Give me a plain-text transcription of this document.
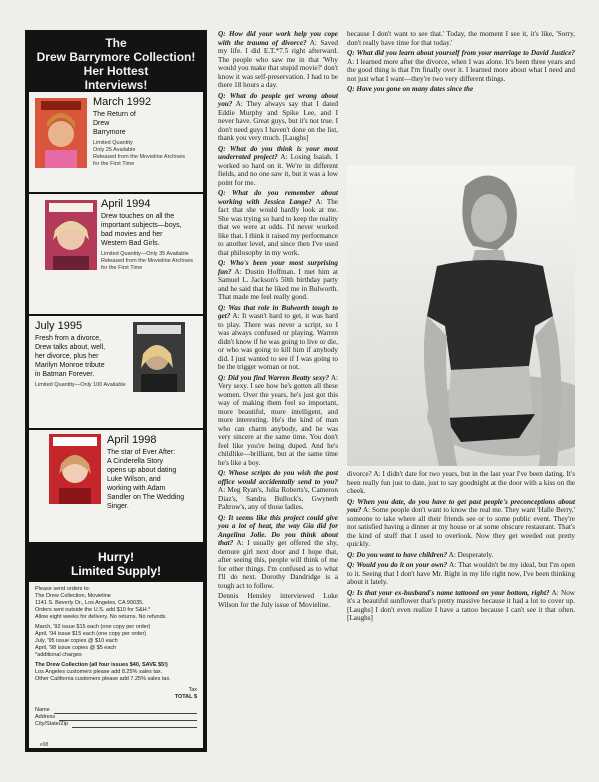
The
Drew Barrymore Collection!
Her Hottest
Interviews!
March 1992
The Return of
Drew
Barrymore
Limited Quantity
Only 25 Available
Released from the Movieline Archives
for the First Time
April 1994
Drew touches on all the
important subjects—boys,
bad movies and her
Western Bad Girls.
Limited Quantity—Only 35 Available
Released from the Movieline Archives
for the First Time
July 1995
Fresh from a divorce,
Drew talks about, well,
her divorce, plus her
Marilyn Monroe tribute
in Batman Forever.
Limited Quantity—Only 100 Available
April 1998
The star of Ever After:
A Cinderella Story
opens up about dating
Luke Wilson, and
working with Adam
Sandler on The Wedding Singer.
Hurry!
Limited Supply!
Please send orders to:
The Drew Collection, Movieline
1141 S. Beverly Dr., Los Angeles, CA 90035.
Orders sent outside the U.S. add $10 for S&H.*
Allow eight weeks for delivery. No returns. No refunds.
March, '92 issue $15 each (one copy per order)
April, '94 issue $15 each (one copy per order)
July, '95 issue copies @ $10 each
April, '98 issue copies @ $5 each
*additional charges
The Drew Collection (all four issues $40, SAVE $5!)
Los Angeles customers please add 8.25% sales tax.
Other California customers please add 7.25% sales tax.
Tax
TOTAL $
Name
Address
City/State/Zip

Q: How did your work help you cope with the trauma of divorce? A: Saved my life. I did E.T.*7.5 right afterward. The people who saw me in that 'Why would you make that stupid movie?' don't know it was self-preservation. I had to be there 18 hours a day.

Q: What do people get wrong about you? A: They always say that I dated Eddie Murphy and Spike Lee, and I never have. Great guys, but it's not true. I don't need guys I haven't done on the list, thank you very much. [Laughs]

Q: What do you think is your most underrated project? A: Losing Isaiah. I worked so hard on it. We're in different fields, and no one saw it, but it was a low point for me.

Q: What do you remember about working with Jessica Lange? A: The fact that she would hardly look at me. She was trying so hard to keep the reality that we were at odds. I'd never worked like that. I think it raised my performance to another level, and since then I've used that philosophy in my work.

Q: Who's been your most surprising fan? A: Dustin Hoffman. I met him at Samuel L. Jackson's 50th birthday party and he said that he liked me in Bulworth. That made me feel really good.

Q: Was that role in Bulworth tough to get? A: It wasn't hard to get, it was hard to play. There was never a script, so I was always confused or playing. Warren didn't know if he was going to live or die, or who was going to kill him if anybody did. I just wanted to see if I was going to be the trigger woman or not.

Q: Did you find Warren Beatty sexy? A: Very sexy. I see how he's gotten all these women. Over the years, he's just got this way of making them feel so important, more beautiful, more intelligent, and more interesting. He's the kind of man who can charm anybody, and he was very sincere at the same time. You don't feel like you're being duped. And he's childlike—brilliant, but at the same time he's like a boy.

Q: Whose scripts do you wish the post office would accidentally send to you? A: Meg Ryan's, Julia Roberts's, Cameron Diaz's, Sandra Bullock's, Gwyneth Paltrow's, any of those ladies.

Q: It seems like this project could give you a lot of heat, the way Gia did for Angelina Jolie. Do you think about that? A: I usually get offered the shy, demure girl next door and I hope that, after seeing this, people will think of me for other things. I'm confused as to what I'll do next. Dorothy Dandridge is a tough act to follow.

Dennis Hensley interviewed Luke Wilson for the July issue of Movieline.

because I don't want to see that.' Today, the moment I see it, it's like, 'Sorry, don't really have time for that today.'

Q: What did you learn about yourself from your marriage to David Justice? A: I learned more after the divorce, when I was alone. It's been three years and the good thing is that I'm finally over it. I learned more about what I need and not just what I want—they're two very different things.

Q: Have you gone on many dates since the

divorce? A: I didn't date for two years, but in the last year I've been dating. It's been really fun just to date, just to say goodnight at the door with a kiss on the cheek.

Q: When you date, do you have to get past people's preconceptions about you? A: Some people don't want to know the real me. They want 'Halle Berry,' someone to take where all their friends see or to some public event. They're not satisfied having a dinner at my house or at some obscure restaurant. That's the kind of stuff that I used to overlook. Now they get weeded out pretty quickly.

Q: Do you want to have children? A: Desperately.

Q: Would you do it on your own? A: That wouldn't be my ideal, but I'm open to it. Seeing that I don't have Mr. Right in my life right now, I've been thinking about it lately.

Q: Is that your ex-husband's name tattooed on your bottom, right? A: Now it's a beautiful sunflower that's pretty massive because it had a lot to cover up. [Laughs] I don't even realize I have a tattoo because I can't see it that often. [Laughs]

e98
